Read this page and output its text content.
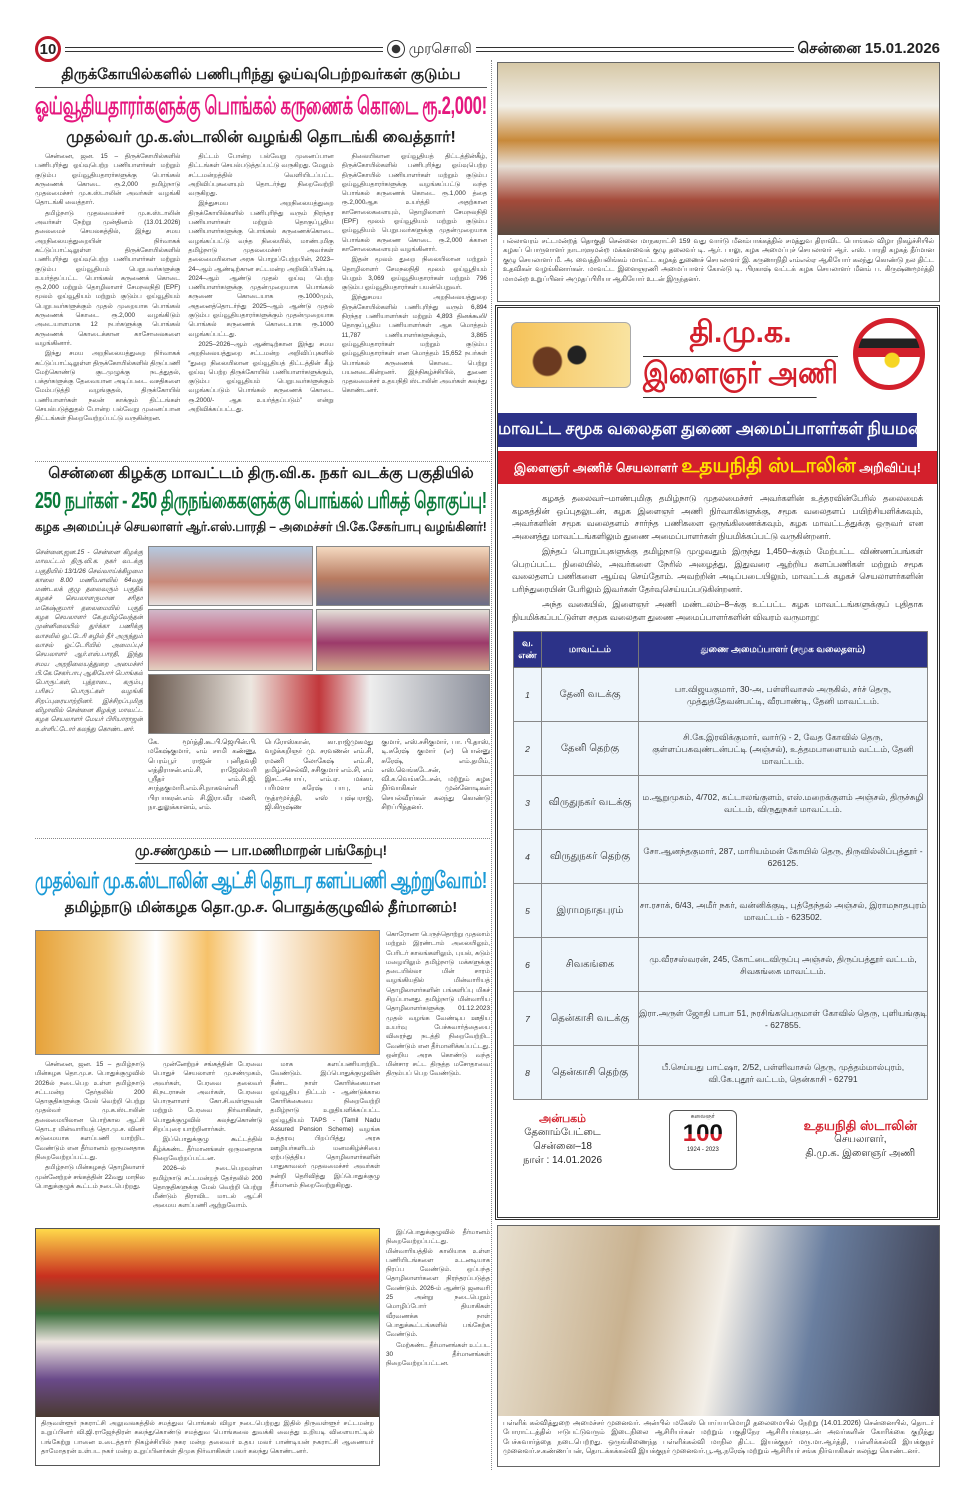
10	முரசொலி	சென்னை 15.01.2026
திருக்கோயில்களில் பணிபுரிந்து ஓய்வுபெற்றவர்கள் குடும்ப
ஓய்வூதியதாரர்களுக்கு பொங்கல் கருணைக் கொடை ரூ.2,000!
முதல்வர் மு.க.ஸ்டாலின் வழங்கி தொடங்கி வைத்தார்!

சென்னை, ஜன. 15 – திருக்கோயில்களில் பணிபுரிந்து ஓய்வுபெற்ற பணியாளர்கள் மற்றும் குடும்ப ஓய்வூதியதாரர்களுக்கு பொங்கல் கருணைக் கொடை ரூ.2,000 தமிழ்நாடு முதலமைச்சர் மு.க.ஸ்டாலின் அவர்கள் வழங்கி தொடங்கி வைத்தார்.

தமிழ்நாடு முதலமைச்சர் மு.க.ஸ்டாலின் அவர்கள் நேற்று முன்தினம் (13.01.2026) தலைமைச் செயலகத்தில், இந்து சமய அறநிலையத்துறையின் நிர்வாகக் கட்டுப்பாட்டிலுள்ள திருக்கோயில்களில் பணிபுரிந்து ஓய்வுபெற்ற பணியாளர்கள் மற்றும் குடும்ப ஓய்வூதியம் பெறுபவர்களுக்கு உயர்த்தப்பட்ட பொங்கல் கருணைக் கொடை ரூ.2,000 மற்றும் தொழிலாளர் சேமநலநிதி (EPF) மூலம் ஓய்வூதியம் மற்றும் குடும்ப ஓய்வூதியம் பெறுபவர்களுக்கும் முதல் முறையாக பொங்கல் கருணைக் கொடை ரூ.2,000 வழங்கிடும் அடையாளமாக 12 நபர்களுக்கு பொங்கல் கருணைக் கொடைக்கான காசோலைகளை வழங்கினார்.

இந்து சமய அறநிலையத்துறை நிர்வாகக் கட்டுப்பாட்டிலுள்ள திருக்கோயில்களில் திருப்பணி மேற்கொண்டு குடமுழுக்கு நடத்துதல், பக்தர்களுக்கு தேவையான அடிப்படை வசதிகளை மேம்படுத்தி வழங்குதல், திருக்கோயில் பணியாளர்கள் நலன் காக்கும் திட்டங்கள் செயல்படுத்துதல் போன்ற பல்வேறு முனைப்பான திட்டங்கள் நிறைவேற்றப்பட்டு வருகின்றன.

திட்டம் போன்ற பல்வேறு முனைப்பான திட்டங்கள் செயல்படுத்தப்பட்டு வருகிறது. மேலும் சட்டமன்றத்தில் வெளியிடப்பட்ட அறிவிப்புகளையும் தொடர்ந்து நிறைவேற்றி வருகிறது.

இந்துசமய அறநிலையத்துறை திருக்கோயில்களில் பணிபுரிந்து வரும் நிரந்தர பணியாளர்கள் மற்றும் தொகுப்பூதிய பணியாளர்களுக்கு பொங்கல் கருணைக்கொடை வழங்கப்பட்டு வந்த நிலையில், மாண்புமிகு தமிழ்நாடு முதலமைச்சர் அவர்கள் தலைமையிலான அரசு பொறுப்பேற்றபின், 2023–24–ஆம் ஆண்டிற்கான சட்டமன்ற அறிவிப்பின்படி 2024–ஆம் ஆண்டு முதல் ஓய்வு பெற்ற பணியாளர்களுக்கு முதன்முறையாக பொங்கல் கருணை கொடையாக ரூ.1000மும், அதனைத்தொடர்ந்து 2025–ஆம் ஆண்டு முதல் குடும்ப ஓய்வூதியதாரர்களுக்கும் முதன்முறையாக பொங்கல் கருணைக் கொடையாக ரூ.1000 வழங்கப்பட்டது.

2025–2026–ஆம் ஆண்டிற்கான இந்து சமய அறநிலையத்துறை சட்டமன்ற அறிவிப்புகளில் “துறை நிலையிலான ஓய்வூதியத் திட்டத்தின் கீழ் ஓய்வு பெற்ற திருக்கோயில் பணியாளர்களுக்கும், குடும்ப ஓய்வூதியம் பெறுபவர்களுக்கும் வழங்கப்படும் பொங்கல் கருணைக் கொடை ரூ.2000/- ஆக உயர்த்தப்படும்” என்று அறிவிக்கப்பட்டது.

நிலையிலான ஓய்வூதியத் திட்டத்தின்கீழ், திருக்கோயில்களில் பணிபுரிந்து ஓய்வுபெற்ற திருக்கோயில் பணியாளர்கள் மற்றும் குடும்ப ஓய்வூதியதாரர்களுக்கு வழங்கப்பட்டு வந்த பொங்கல் கருணைக் கொடை ரூ.1,000 த்தை ரூ.2,000ஆக உயர்த்தி அதற்கான காசோலைகளையும், தொழிலாளர் சேமநலநிதி (EPF) மூலம் ஓய்வூதியம் மற்றும் குடும்ப ஓய்வூதியம் பெறுபவர்களுக்கு முதன்முறையாக பொங்கல் கருணை கொடை ரூ.2,000 க்கான காசோலைகளையும் வழங்கினார்.

இதன் மூலம் துறை நிலையிலான மற்றும் தொழிலாளர் சேமநலநிதி மூலம் ஓய்வூதியம் பெறும் 3,069 ஓய்வூதியதாரர்கள் மற்றும் 796 குடும்ப ஓய்வூதியதாரர்கள் பயன்பெறுவர்.

இந்துசமய அறநிலையத்துறை திருக்கோயில்களில் பணிபுரிந்து வரும் 6,894 நிரந்தர பணியாளர்கள் மற்றும் 4,893 தினக்கூலி/தொகுப்பூதிய பணியாளர்கள் ஆக மொத்தம் 11,787 பணியாளர்களுக்கும், 3,865 ஓய்வூதியதாரர்கள் மற்றும் குடும்ப ஓய்வூதியதாரர்கள் என மொத்தம் 15,652 நபர்கள் பொங்கல் கருணைக் கொடை பெற்று பயனடைகின்றனர். இந்நிகழ்ச்சியில், துணை முதலமைச்சர் உதயநிதி ஸ்டாலின் அவர்கள் கலந்து கொண்டனர்.

சென்னை கிழக்கு மாவட்டம் திரு.வி.க. நகர் வடக்கு பகுதியில்
250 நபர்கள் - 250 திருநங்கைகளுக்கு பொங்கல் பரிசுத் தொகுப்பு!
கழக அமைப்புச் செயலாளர் ஆர்.எஸ்.பாரதி – அமைச்சர் பி.கே.சேகர்பாபு வழங்கினர்!
சென்னை,ஜன.15 - சென்னை கிழக்கு மாவட்டம் திரு.வி.க. நகர் வடக்கு பகுதியில் 13/1/26 செவ்வாய்க்கிழமை காலை 8.00 மணியளவில் 64வது மண்டலக் குழு தலைவரும் பகுதிக் கழகச் செயலாளருமான சரிதா மகேஷ்குமார் தலைமையில் பகுதி கழக செயலாளர் கே.தமிழ்வேந்தன் முன்னிலையில் துர்க்கா பணிக்கு வாசலில் ஓட்டேரி சுழில் நீர் அருந்தும் வாசல் ஓட்டேரியில் அமைப்புச் செயலாளர் ஆர்.எஸ்.பாரதி, இந்து சமய அறநிலையத்துறை அமைச்சர் பி.கே.சேகர்பாபு ஆகியோர் பொங்கல் பொருட்கள், புத்தாடை, கரும்பு பரிசுப் பொருட்கள் வழங்கி சிறப்புரையாற்றினர். இச்சிறப்புமிகு விழாவில் சென்னை கிழக்கு மாவட்ட கழக செயலாளர் மேயர் பிரியாராஜன் உள்ளிட்டோர் கலந்து கொண்டனர்.
கே. மூர்த்தி.கூ.பி.ஜெயின்.பி. மகேஷ்குமார், எம் சாமி கண்ணு, பெரம்பூர் ராஜன் புனிதவதி எத்திராசன்.எம்.சி, ராஜேஸ்வரி ஸ்ரீதர் எம்.சி.ஜி. சாந்தகுமாரி.எம்.சி.நாகவள்ளி பிரபாகரன்.எம் சி.இரா.வீர மணி, நா.துலுக்கானம், எம்.
பெரோஸ்கான், கா.ராஜ்முகமது வழக்கறிஞர் மு. சரவணன் எம்.சி, ரமணி லோகேஷ் எம்.சி, தமிழ்ச்செல்வி, சசிகுமார் எம்.சி, எம் இசட்.அபாய், எம்.ஏ. மக்கா, பரிமளா கரேஷ் பாபு, எம் ருத்ரமூர்த்தி, எஸ் புஷ்பராஜ், ஜி.கிருஷ்ண
குமார், எஸ்.சசிகுமார், பா. பி.தாஸ், டி.சுரேஷ் குமார் (எ) பொன்னு சுரேஷ், எம்.தமிம், எஸ்.வெங்கடேசன், வி.க.வெங்கடேசன், மற்றும் கழக நிர்வாகிகள் முன்னோடிகள் செயல்வீரர்கள் கலந்து கொண்டு சிறப்பித்தனர்.
மு.சண்முகம் — பா.மணிமாறன் பங்கேற்பு!
முதல்வர் மு.க.ஸ்டாலின் ஆட்சி தொடர களப்பணி ஆற்றுவோம்!
தமிழ்நாடு மின்கழக தொ.மு.ச. பொதுக்குழுவில் தீர்மானம்!
கொரோனா பெருந்தொற்று முதலாம் மற்றும் இரண்டாம் அலையிலும், பேரிடர் காலங்களிலும், புயல், கடும் மழையிலும் தமிழ்நாடு மக்களுக்கு தடையில்லா மின் சாரம் வழங்கியதில் மின்வாரியத் தொழிலாளர்களின் பங்களிப்பு மிகச் சிறப்பானது. தமிழ்நாடு மின்வாரிய தொழிலாளர்களுக்கு 01.12.2023 முதல் வழங்க வேண்டிய ஊதிய உயர்வு பேச்சுவார்த்தையை விரைந்து நடத்தி நிறைவேற்றிட வேண்டும் என தீர்மானிக்கப்பட்டது. ஒன்றிய அரசு கொண்டு வந்த மின்சார சட்ட திருத்த மசோதாவை திரும்பப் பெற வேண்டும்.

சென்னை, ஜன. 15 – தமிழ்நாடு மின்கழக தொ.மு.ச. பொதுக்குழுவில் 2026ல் நடைபெற உள்ள தமிழ்நாடு சட்டமன்ற தேர்தலில் 200 தொகுதிகளுக்கு மேல் வெற்றி பெற்று முதல்வர் மு.க.ஸ்டாலின் தலைமையிலான பொற்கால ஆட்சி தொடர மின்வாரியத் தொ.மு.ச. வினர் கடுமையாக களப்பணி யாற்றிட வேண்டும் என தீர்மானம் ஒருமனதாக நிறைவேற்றப்பட்டது.

தமிழ்நாடு மின்கழகத் தொழிலாளர் முன்னேற்றச் சங்கத்தின் 22வது மாநில பொதுக்குழுக் கூட்டம் நடைபெற்றது.

முன்னேற்றச் சங்கத்தின் பேரவை பொதுச் செயலாளர் மு.சண்முகம், அவர்கள், பேரவை தலைவர் கி.நடராசன் அவர்கள், பேரவை பொருளாளர் கோ.சி.வள்ளுவன் மற்றும் பேரவை நிர்வாகிகள், பொதுக்குழுவில் கலந்துகொண்டு சிறப்புரை யாற்றினார்கள்.

இப்பொதுக்குழு கூட்டத்தில் கீழ்க்கண்ட தீர்மானங்கள் ஒருமனதாக நிறைவேற்றப்பட்டன.

2026–ல் நடைபெறவுள்ள தமிழ்நாடு சட்டமன்றத் தேர்தலில் 200 தொகுதிகளுக்கு மேல் வெற்றி பெற்று மீண்டும் திராவிட மாடல் ஆட்சி அமைய களப்பணி ஆற்றுவோம்.

மாக களப்பணியாற்றிட வேண்டும். இப்பொதுக்குழுவின் நீண்ட நாள் கோரிக்கையான ஓய்வூதிய திட்டம் - ஆண்டுக்கால கோரிக்கையை நிறைவேற்றி தமிழ்நாடு உறுதியளிக்கப்பட்ட ஓய்வூதியம் TAPS - (Tamil Nadu Assured Pension Scheme) வழங்க உத்தரவு பிறப்பித்து அரசு ஊழியர்களிடம் மனமகிழ்ச்சியை ஏற்படுத்திய தொழிலாளர்களின் பாதுகாவலர் முதலமைச்சர் அவர்கள் நன்றி தெரிவித்து இப்பொதுக்குழு தீர்மானம் நிறைவேற்றுகிறது.

இப்பொதுக்குழுவில் தீர்மானம் நிறைவேற்றப்பட்டது. மின்வாரியத்தில் காலியாக உள்ள பணியிடங்களை உடனடியாக நிரப்ப வேண்டும். ஒப்பந்த தொழிலாளர்களை நிரந்தரப்படுத்த வேண்டும். 2026-ம் ஆண்டு ஜனவரி 25 அன்று நடைபெறும் மொழிப்போர் தியாகிகள் வீரவணக்க நாள் பொதுக்கூட்டங்களில் பங்கேற்க வேண்டும்.

மேற்கண்ட தீர்மானங்கள் உட்பட 30 தீர்மானங்கள் நிறைவேற்றப்பட்டன.

திருவள்ளூர் நகராட்சி அலுவலகத்தில் சமத்துவ பொங்கல் விழா நடைபெற்றது இதில் திருவள்ளூர் சட்டமன்ற உறுப்பினர் வி.ஜி.ராஜேந்திரன் கலந்துகொண்டு சமத்துவ பொங்கலை துவக்கி வைத்து உறியடி விளையாட்டில் பங்கேற்று பானை உடைத்தார் நிகழ்ச்சியில் நகர மன்ற தலைவர் உதய மலர் பாண்டியன் நகராட்சி ஆணையர் தாமோதரன் உள்பட நகர் மன்ற உறுப்பினர்கள் திமுக நிர்வாகிகள் பலர் கலந்து கொண்டனர்.
பல்லாவரம் சட்டமன்றத் தொகுதி சென்னை மாநகராட்சி 159 வது வார்டு மீனம்பாக்கத்தில் சமத்துவ திராவிட பொங்கல் விழா நிகழ்ச்சியில் கழகப் பொருளாளர் நாடாளுமன்ற மக்களவைக் குழு தலைவர் டி. ஆர். பாலு, கழக அமைப்புச் செயலாளர் ஆர். எஸ். பாரதி கழகத் தீர்மான குழு செயலாளர் மீ. அ. வைத்தியலிங்கம் மாவட்ட கழகத் துணைச் செயலாளர் இ. கருணாநிதி எம்எல்ஏ ஆகியோர் கலந்து கொண்டு நல திட்ட உதவிகள் வழங்கினார்கள். மாவட்ட இளைஞரணி அமைப்பாளர் கோல்டு டி. பிரகாஷ் வட்டக் கழக செயலாளர் மீனம் ப. கிருஷ்ணமூர்த்தி மாமன்ற உறுப்பினர் அமுதப்பிரியா ஆகியோர் உடன் இருந்தனர்.
தி.மு.க.
இளைஞர் அணி
மாவட்ட சமூக வலைதள துணை அமைப்பாளர்கள் நியமனம்
இளைஞர் அணிச் செயலாளர் உதயநிதி ஸ்டாலின் அறிவிப்பு!

கழகத் தலைவர்–மாண்புமிகு தமிழ்நாடு முதலமைச்சர் அவர்களின் உத்தரவின்பேரில் தலைமைக் கழகத்தின் ஒப்புதலுடன், கழக இளைஞர் அணி நிர்வாகிகளுக்கு, சமூக வலைதளப் பயிற்சியளிக்கவும், அவர்களின் சமூக வலைதளம் சார்ந்த பணிகளை ஒருங்கிணைக்கவும், கழக மாவட்டத்துக்கு ஒருவர் என அனைத்து மாவட்டங்களிலும் துணை அமைப்பாளர்கள் நியமிக்கப்பட்டு வருகின்றனர்.

இந்தப் பொறுப்புகளுக்கு தமிழ்நாடு முழுவதும் இருந்து 1,450–க்கும் மேற்பட்ட விண்ணப்பங்கள் பெறப்பட்ட நிலையில், அவர்களை நேரில் அழைத்து, இதுவரை ஆற்றிய களப்பணிகள் மற்றும் சமூக வலைதளப் பணிகளை ஆய்வு செய்தோம். அவற்றின் அடிப்படையிலும், மாவட்டக் கழகச் செயலாளர்களின் பரிந்துரையின் பேரிலும் இவர்கள் தேர்வுசெய்யப்படுகின்றனர்.

அந்த வகையில், இளைஞர் அணி மண்டலம்–8–க்கு உட்பட்ட கழக மாவட்டங்களுக்குப் புதிதாக நியமிக்கப்பட்டுள்ள சமூக வலைதள துணை அமைப்பாளர்களின் விவரம் வருமாறு:

வ. எண்	மாவட்டம்	துணை அமைப்பாளர் (சமூக வலைதளம்)
1	தேனி வடக்கு	பா.விஜயகுமார், 30-அ, பள்ளிவாசல் அருகில், சர்ச் தெரு, முத்துத்தேவன்பட்டி, வீரபாண்டி, தேனி மாவட்டம்.
2	தேனி தெற்கு	சி.கே.இரவிக்குமார், வார்டு - 2, வேத கோவில் தெரு, குள்ளப்பகவுண்டன்பட்டி (அஞ்சல்), உத்தமபாளையம் வட்டம், தேனி மாவட்டம்.
3	விருதுநகர் வடக்கு	ம.ஆறுமுகம், 4/702, கட்டாலங்குளம், எஸ்.மறைக்குளம் அஞ்சல், திருச்சுழி வட்டம், விருதுநகர் மாவட்டம்.
4	விருதுநகர் தெற்கு	சோ.ஆனந்தகுமார், 287, மாரியம்மன் கோயில் தெரு, திருவில்லிப்புத்தூர் - 626125.
5	இராமநாதபுரம்	சா.ரசாக், 6/43, அமீர் நகர், வன்னிக்குடி, புத்தேந்தல் அஞ்சல், இராமநாதபுரம் மாவட்டம் - 623502.
6	சிவகங்கை	மு.வீரசஸ்வரன், 245, கோட்டைவிருப்பு அஞ்சல், திருப்பத்தூர் வட்டம், சிவகங்கை மாவட்டம்.
7	தென்காசி வடக்கு	இரா.அருள் ஜோதி பாபா 51, நரசிங்கபெருமாள் கோவில் தெரு, புளியங்குடி - 627855.
8	தென்காசி தெற்கு	பீ.செய்யது பாட்ஷா, 2/52, பள்ளிவாசல் தெரு, முத்தம்மால்புரம், வி.கே.புதூர் வட்டம், தென்காசி - 62791
அன்பகம்
தேனாம்பேட்டை
சென்னை–18
நாள் : 14.01.2026
கலைஞர்
100
1924 - 2023
உதயநிதி ஸ்டாலின்
செயலாளர்,
தி.மு.க. இளைஞர் அணி
பள்ளிக் கல்வித்துறை அமைச்சர் முனைவர். அன்பில் மகேஸ் பொய்யாமொழி தலைமையில் நேற்று (14.01.2026) சென்னையில், தொடர் போராட்டத்தில் ஈடுபட்டுவரும் இடைநிலை ஆசிரியர்கள் மற்றும் பகுதிநேர ஆசிரியர்களுடன் அவர்களின் கோரிக்கை குறித்து பேச்சுவார்த்தை நடைபெற்றது. ஒருங்கிணைந்த பள்ளிக்கல்வி மாநில திட்ட இயக்குநர் மரு.மா.ஆர்த்தி, பள்ளிக்கல்வி இயக்குநர் முனைவர்.ச.கண்ணப்பன், தொடக்கக்கல்வி இயக்குநர் முனைவர்.பூ.ஆ.நரேஷ் மற்றும் ஆசிரியர் சங்க நிர்வாகிகள் கலந்து கொண்டனர்.
